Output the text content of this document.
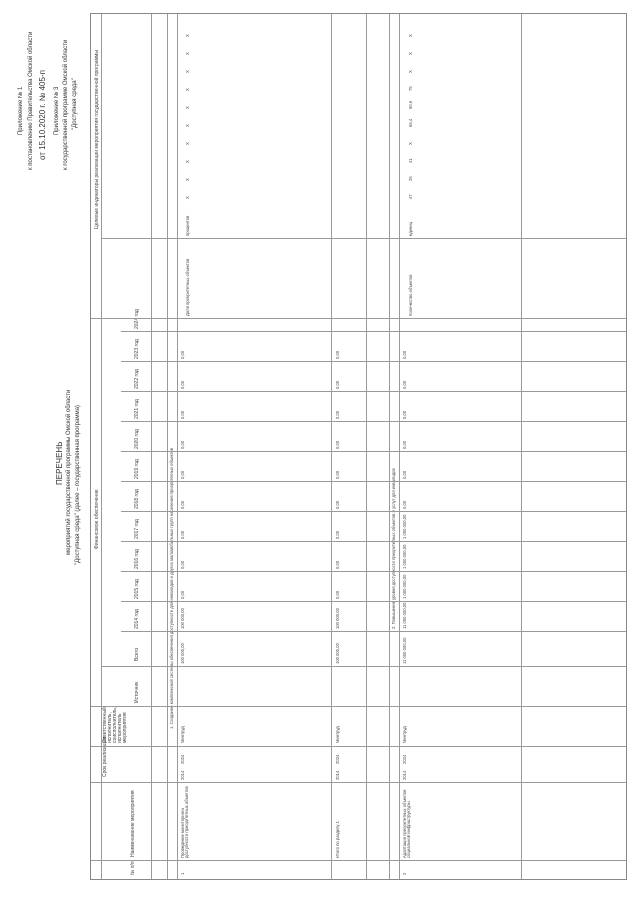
Приложение № 1 к постановлению Правительства Омской области от 15.10.2020 г. № 405-п Приложение № 3 к государственной программе Омской области "Доступная среда"
ПЕРЕЧЕНЬ мероприятий государственной программы Омской области "Доступная среда" (далее – государственная программа)
№ п/п
Наименование мероприятия
Срок реализации
Ответственный исполнитель, соисполнитель, исполнитель мероприятия
Финансовое обеспечение
Целевые индикаторы реализации мероприятия государственной программы
Источник
Всего
2014 год
2015 год
2016 год
2017 год
2018 год
2019 год
2020 год
2021 год
2022 год
2023 год
2024 год
1. Создание комплексной системы обеспечения доступности для инвалидов и других маломобильных групп населения приоритетных объектов	2. Повышение уровня доступности приоритетных объектов и услуг для инвалидов
1
Проведение мониторинга доступности приоритетных объектов
2014
2024
Минтруд
100 000,00
100 000,00
0,00
0,00
0,00
0,00
0,00
0,00
0,00
0,00
0,00
Итого по разделу 1
2014
2024
Минтруд
100 000,00
100 000,00
0,00
0,00
0,00
0,00
0,00
0,00
0,00
0,00
0,00
2
Адаптация приоритетных объектов социальной инфраструктуры
2014
2024
Минтруд
11 000 000,00
11 000 000,00
1 000 000,00
1 000 000,00
1 000 000,00
0,00
0,00
0,00
0,00
0,00
0,00
Доля приоритетных объектов
процентов
X
X
X
X
X
X
X
X
X
X
Количество объектов
единиц
47
26
41
X
65,4
60,6
75
X
X
X
